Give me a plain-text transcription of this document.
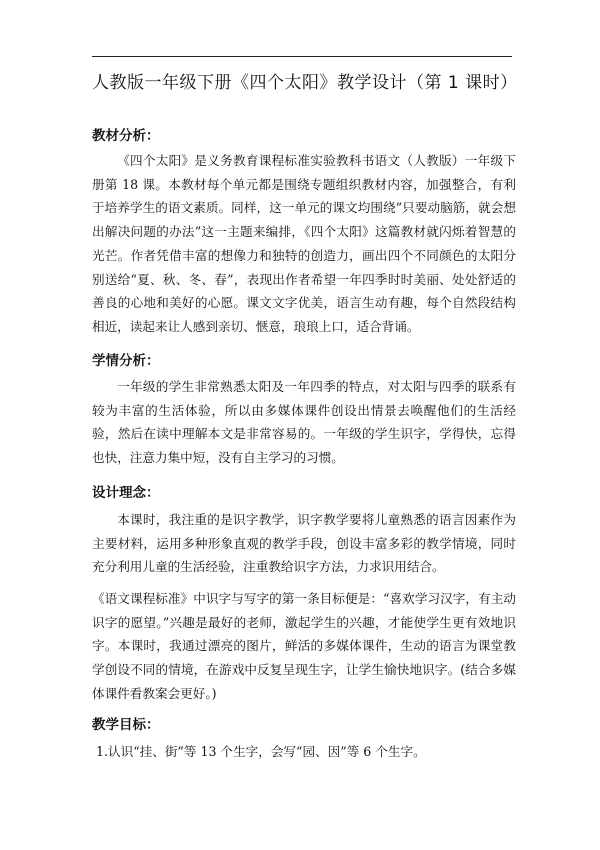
人教版一年级下册《四个太阳》教学设计（第 1 课时）
教材分析：

《四个太阳》是义务教育课程标准实验教科书语文（人教版）一年级下册第 18 课。本教材每个单元都是围绕专题组织教材内容，加强整合，有利于培养学生的语文素质。同样，这一单元的课文均围绕“只要动脑筋，就会想出解决问题的办法”这一主题来编排，《四个太阳》这篇教材就闪烁着智慧的光芒。作者凭借丰富的想像力和独特的创造力，画出四个不同颜色的太阳分别送给“夏、秋、冬、春”，表现出作者希望一年四季时时美丽、处处舒适的善良的心地和美好的心愿。课文文字优美，语言生动有趣，每个自然段结构相近，读起来让人感到亲切、惬意，琅琅上口，适合背诵。

学情分析：

一年级的学生非常熟悉太阳及一年四季的特点，对太阳与四季的联系有较为丰富的生活体验，所以由多媒体课件创设出情景去唤醒他们的生活经验，然后在读中理解本文是非常容易的。一年级的学生识字，学得快，忘得也快，注意力集中短，没有自主学习的习惯。

设计理念：

本课时，我注重的是识字教学，识字教学要将儿童熟悉的语言因素作为主要材料，运用多种形象直观的教学手段，创设丰富多彩的教学情境，同时充分利用儿童的生活经验，注重教给识字方法，力求识用结合。

《语文课程标准》中识字与写字的第一条目标便是：“喜欢学习汉字，有主动识字的愿望。”兴趣是最好的老师，激起学生的兴趣，才能使学生更有效地识字。本课时，我通过漂亮的图片，鲜活的多媒体课件，生动的语言为课堂教学创设不同的情境，在游戏中反复呈现生字，让学生愉快地识字。(结合多媒体课件看教案会更好。)

教学目标：
1.认识“挂、街”等 13 个生字，会写“园、因”等 6 个生字。
